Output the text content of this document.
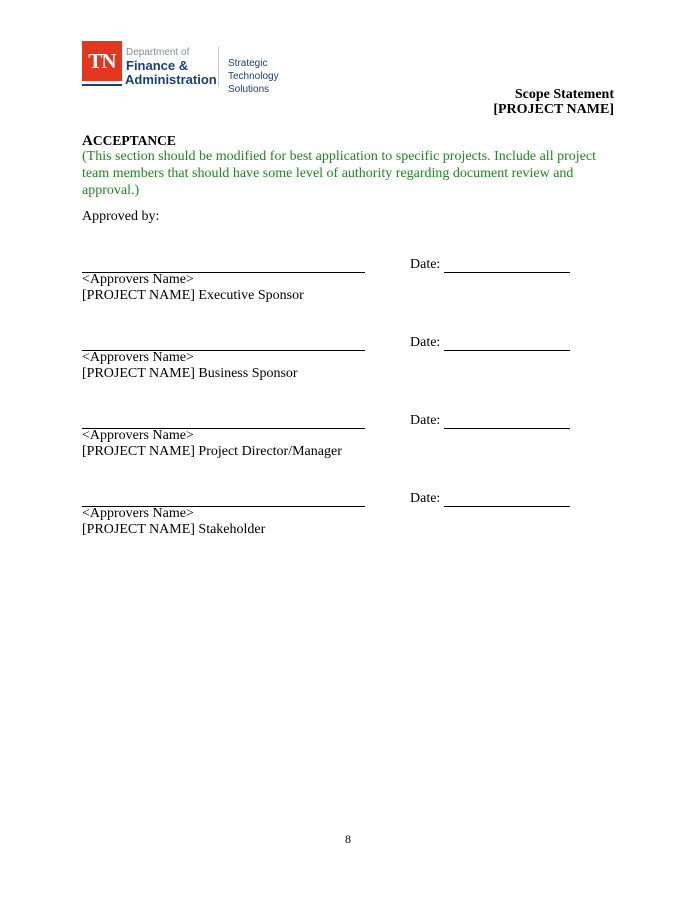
TN	Department of
Finance &
Administration
Strategic
Technology Solutions	Scope Statement
[PROJECT NAME]
ACCEPTANCE
(This section should be modified for best application to specific projects. Include all project team members that should have some level of authority regarding document review and approval.)
Approved by:
Date:
<Approvers Name>
[PROJECT NAME] Executive Sponsor
Date:
<Approvers Name>
[PROJECT NAME] Business Sponsor
Date:
<Approvers Name>
[PROJECT NAME] Project Director/Manager
Date:
<Approvers Name>
[PROJECT NAME] Stakeholder
8
